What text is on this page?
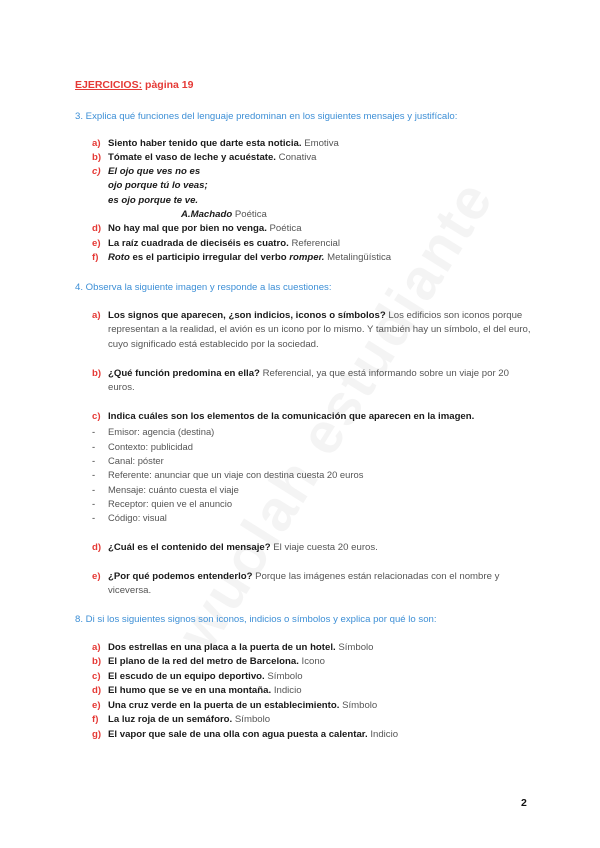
EJERCICIOS: pàgina 19
3. Explica qué funciones del lenguaje predominan en los siguientes mensajes y justifícalo:
a) Siento haber tenido que darte esta noticia. Emotiva
b) Tómate el vaso de leche y acuéstate. Conativa
c) El ojo que ves no es
ojo porque tú lo veas;
es ojo porque te ve.
A.Machado Poética
d) No hay mal que por bien no venga. Poética
e) La raíz cuadrada de dieciséis es cuatro. Referencial
f) Roto es el participio irregular del verbo romper. Metalingüística
4. Observa la siguiente imagen y responde a las cuestiones:
a) Los signos que aparecen, ¿son indicios, iconos o símbolos? Los edificios son iconos porque representan a la realidad, el avión es un icono por lo mismo. Y también hay un símbolo, el del euro, cuyo significado está establecido por la sociedad.
b) ¿Qué función predomina en ella? Referencial, ya que está informando sobre un viaje por 20 euros.
c) Indica cuáles son los elementos de la comunicación que aparecen en la imagen.
- Emisor: agencia (destina)
- Contexto: publicidad
- Canal: póster
- Referente: anunciar que un viaje con destina cuesta 20 euros
- Mensaje: cuánto cuesta el viaje
- Receptor: quien ve el anuncio
- Código: visual
d) ¿Cuál es el contenido del mensaje? El viaje cuesta 20 euros.
e) ¿Por qué podemos entenderlo? Porque las imágenes están relacionadas con el nombre y viceversa.
8. Di si los siguientes signos son iconos, indicios o símbolos y explica por qué lo son:
a) Dos estrellas en una placa a la puerta de un hotel. Símbolo
b) El plano de la red del metro de Barcelona. Icono
c) El escudo de un equipo deportivo. Símbolo
d) El humo que se ve en una montaña. Indicio
e) Una cruz verde en la puerta de un establecimiento. Símbolo
f) La luz roja de un semáforo. Símbolo
g) El vapor que sale de una olla con agua puesta a calentar. Indicio
2
